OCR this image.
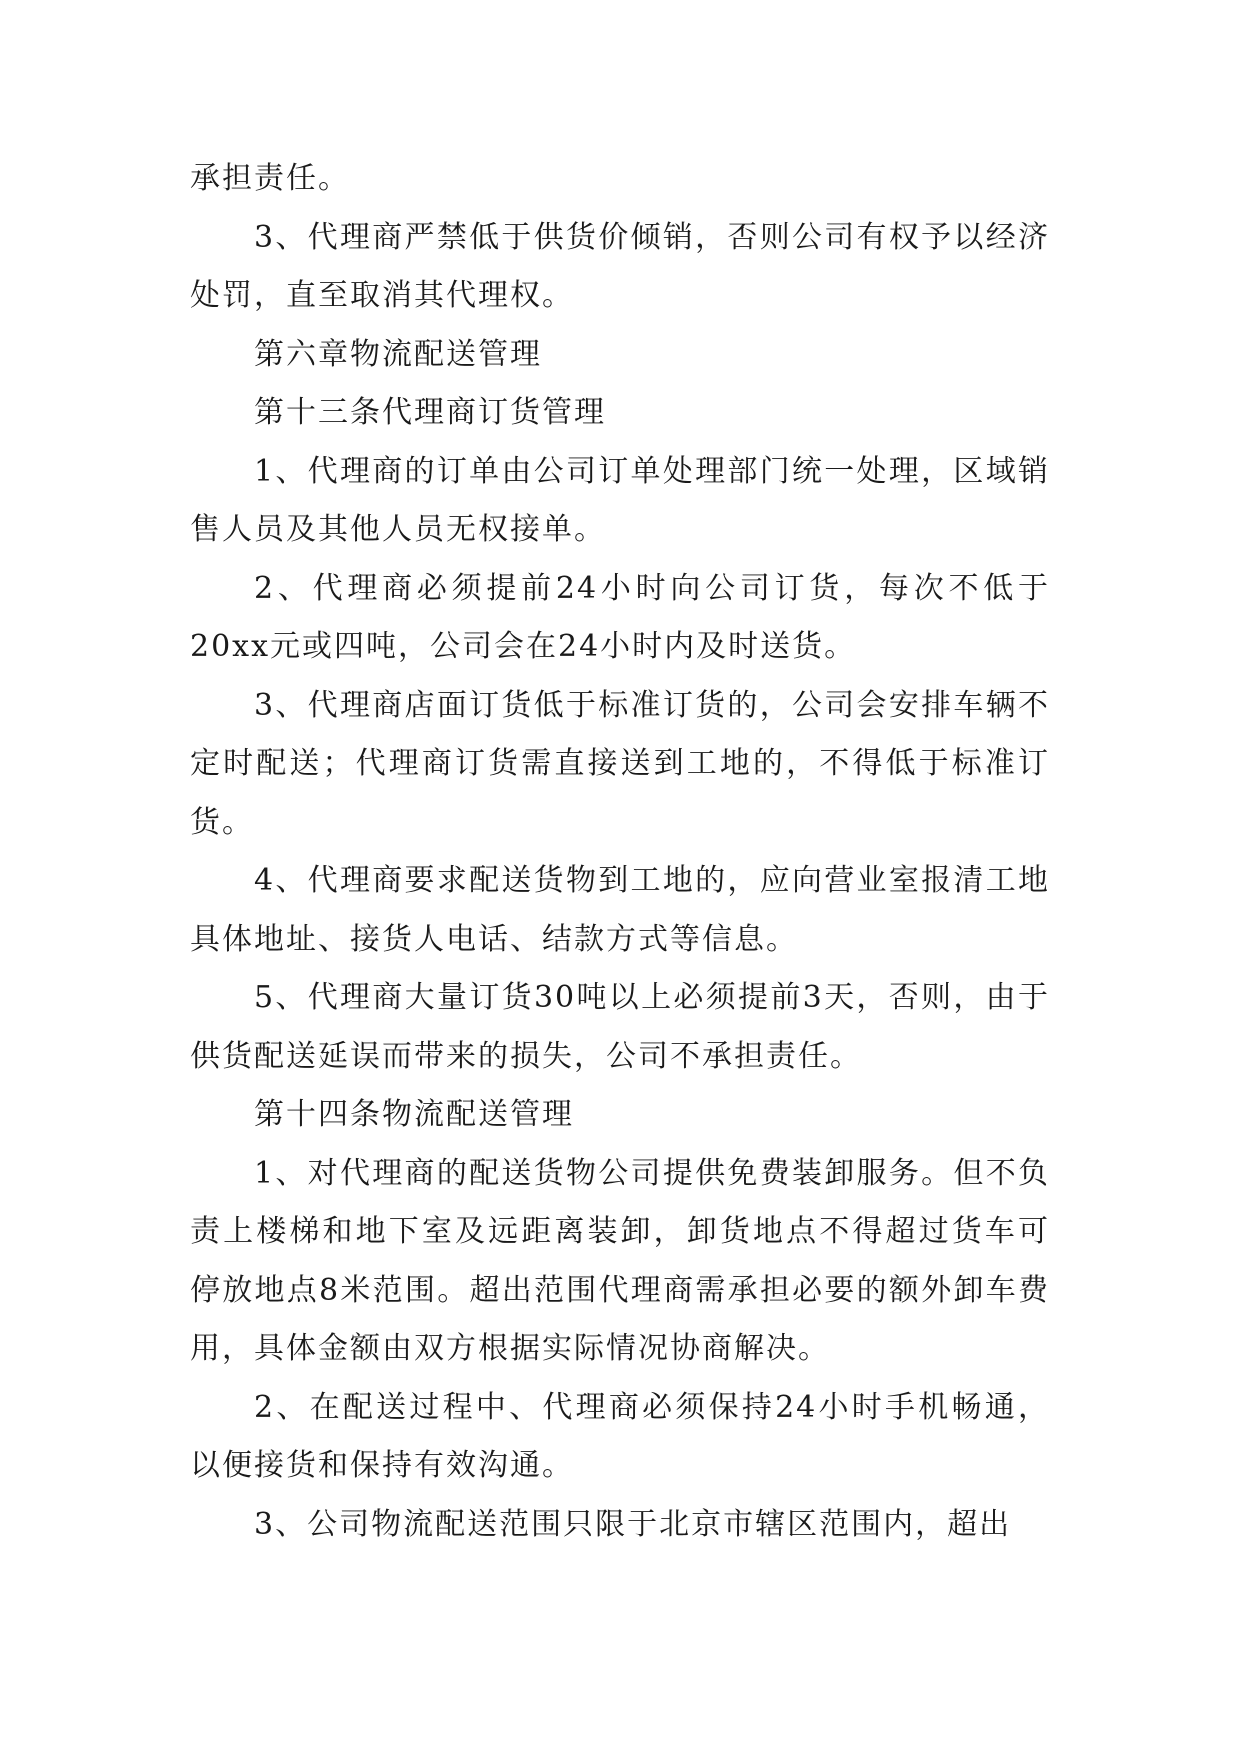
承担责任。

3、代理商严禁低于供货价倾销，否则公司有权予以经济处罚，直至取消其代理权。

第六章物流配送管理

第十三条代理商订货管理

1、代理商的订单由公司订单处理部门统一处理，区域销售人员及其他人员无权接单。

2、代理商必须提前24小时向公司订货，每次不低于20xx元或四吨，公司会在24小时内及时送货。

3、代理商店面订货低于标准订货的，公司会安排车辆不定时配送；代理商订货需直接送到工地的，不得低于标准订货。

4、代理商要求配送货物到工地的，应向营业室报清工地具体地址、接货人电话、结款方式等信息。

5、代理商大量订货30吨以上必须提前3天，否则，由于供货配送延误而带来的损失，公司不承担责任。

第十四条物流配送管理

1、对代理商的配送货物公司提供免费装卸服务。但不负责上楼梯和地下室及远距离装卸，卸货地点不得超过货车可停放地点8米范围。超出范围代理商需承担必要的额外卸车费用，具体金额由双方根据实际情况协商解决。

2、在配送过程中、代理商必须保持24小时手机畅通，以便接货和保持有效沟通。

3、公司物流配送范围只限于北京市辖区范围内，超出
